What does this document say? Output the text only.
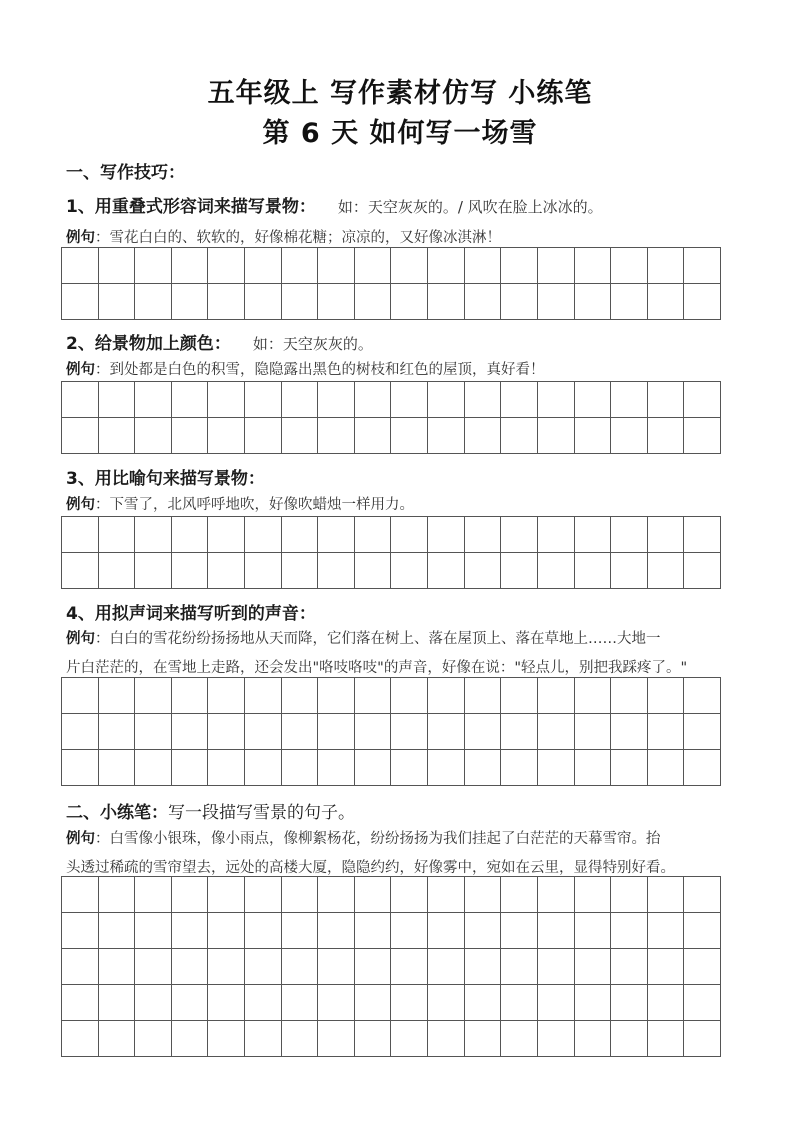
五年级上 写作素材仿写 小练笔
第 6 天 如何写一场雪
一、写作技巧：
1、用重叠式形容词来描写景物： 如：天空灰灰的。/ 风吹在脸上冰冰的。
例句：雪花白白的、软软的，好像棉花糖；凉凉的，又好像冰淇淋！
2、给景物加上颜色： 如：天空灰灰的。
例句：到处都是白色的积雪，隐隐露出黑色的树枝和红色的屋顶，真好看！
3、用比喻句来描写景物：
例句：下雪了，北风呼呼地吹，好像吹蜡烛一样用力。
4、用拟声词来描写听到的声音：
例句：白白的雪花纷纷扬扬地从天而降，它们落在树上、落在屋顶上、落在草地上……大地一
片白茫茫的，在雪地上走路，还会发出"咯吱咯吱"的声音，好像在说："轻点儿，别把我踩疼了。"
二、小练笔：写一段描写雪景的句子。
例句：白雪像小银珠，像小雨点，像柳絮杨花，纷纷扬扬为我们挂起了白茫茫的天幕雪帘。抬
头透过稀疏的雪帘望去，远处的高楼大厦，隐隐约约，好像雾中，宛如在云里，显得特别好看。
